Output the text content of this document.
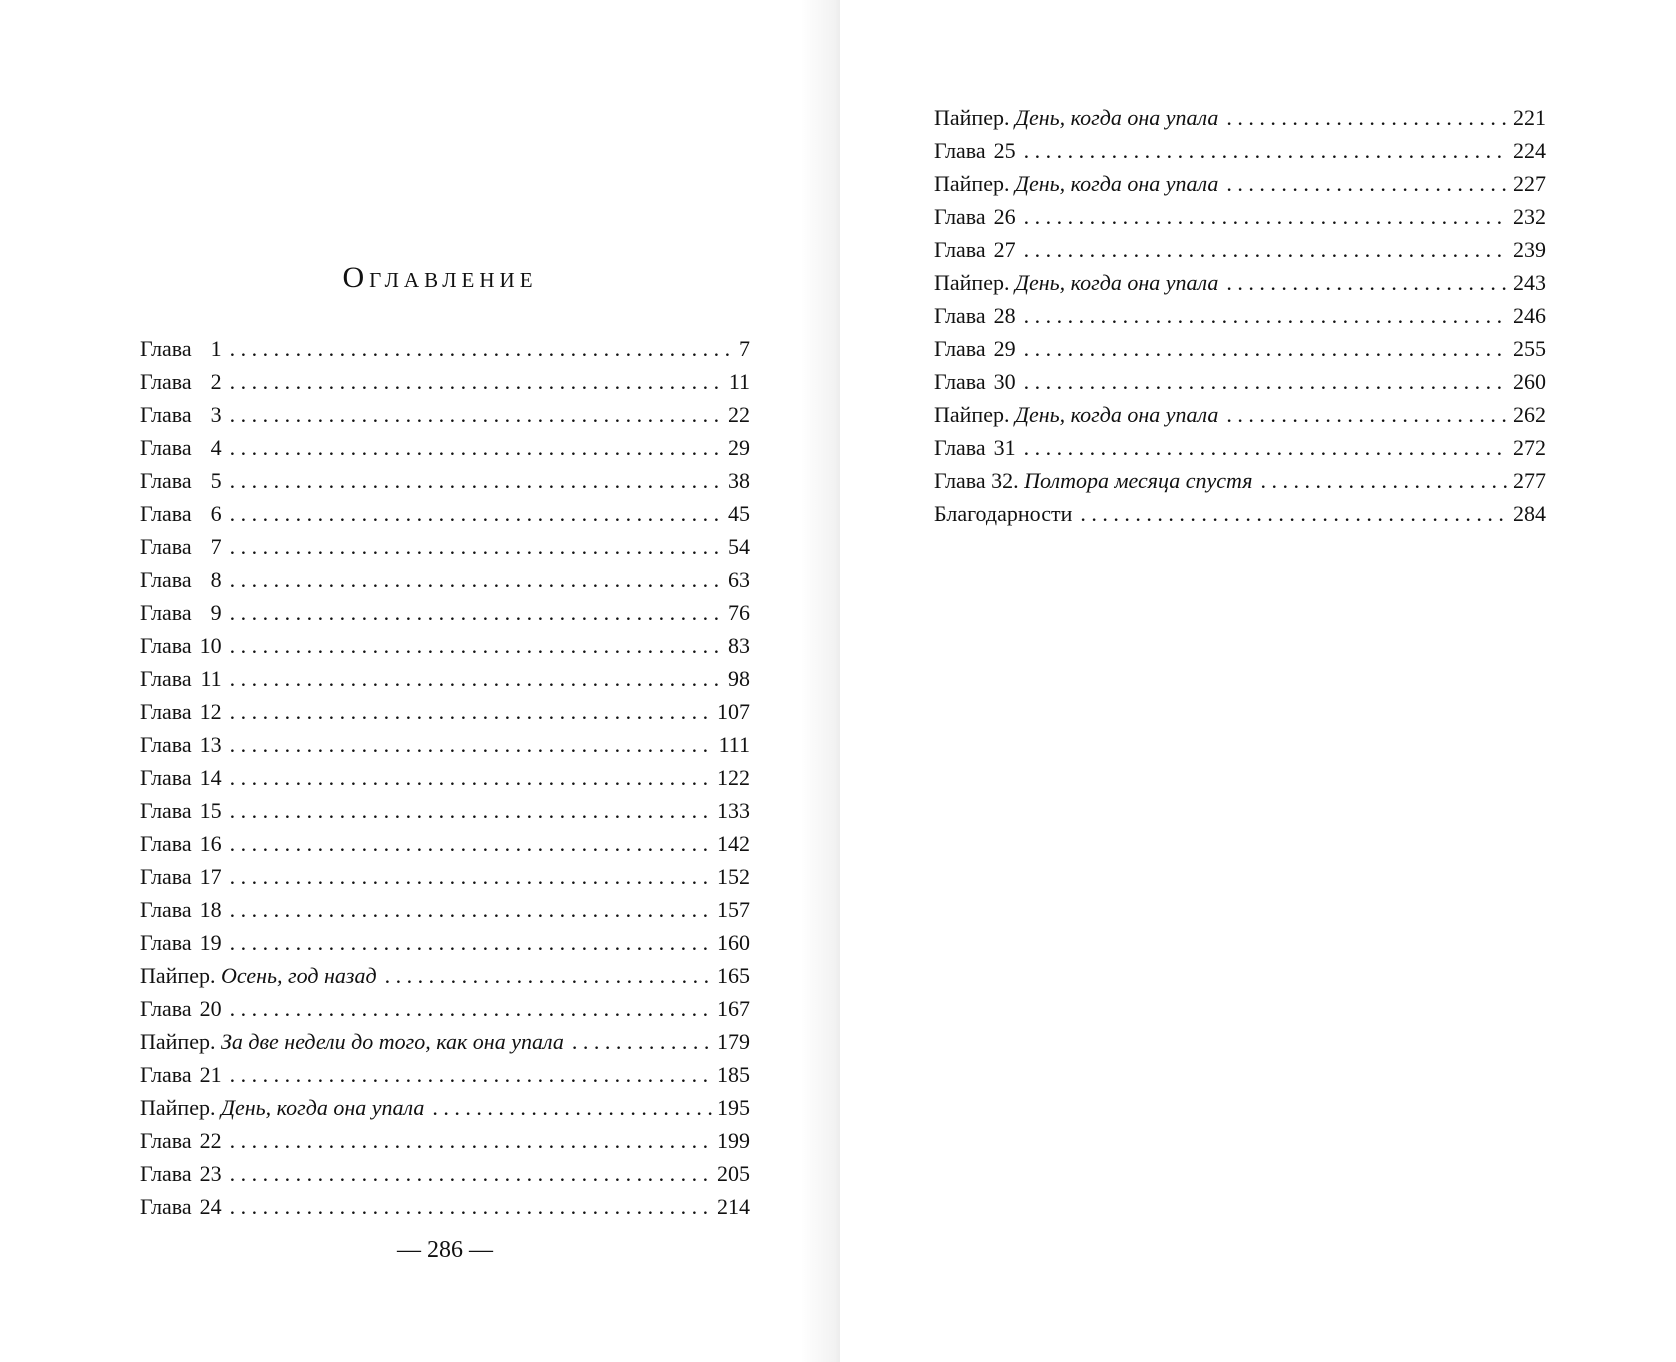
Оглавление
Глава 1 . . .	7
Глава 2 . . .	11
Глава 3 . . .	22
Глава 4 . . .	29
Глава 5 . . .	38
Глава 6 . . .	45
Глава 7 . . .	54
Глава 8 . . .	63
Глава 9 . . .	76
Глава 10 . . .	83
Глава 11 . . .	98
Глава 12 . . .	107
Глава 13 . . .	111
Глава 14 . . .	122
Глава 15 . . .	133
Глава 16 . . .	142
Глава 17 . . .	152
Глава 18 . . .	157
Глава 19 . . .	160
Пайпер. Осень, год назад . . .	165
Глава 20 . . .	167
Пайпер. За две недели до того, как она упала . . .	179
Глава 21 . . .	185
Пайпер. День, когда она упала . . .	195
Глава 22 . . .	199
Глава 23 . . .	205
Глава 24 . . .	214
— 286 —
Пайпер. День, когда она упала . . .	221
Глава 25 . . .	224
Пайпер. День, когда она упала . . .	227
Глава 26 . . .	232
Глава 27 . . .	239
Пайпер. День, когда она упала . . .	243
Глава 28 . . .	246
Глава 29 . . .	255
Глава 30 . . .	260
Пайпер. День, когда она упала . . .	262
Глава 31 . . .	272
Глава 32. Полтора месяца спустя . . .	277
Благодарности . . .	284
